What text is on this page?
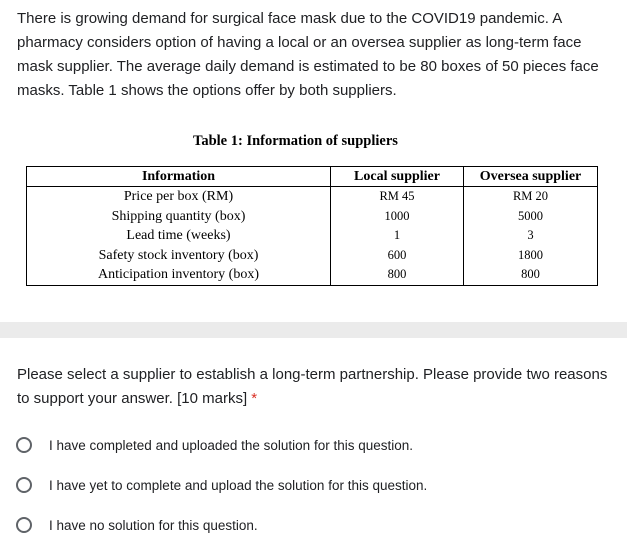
There is growing demand for surgical face mask due to the COVID19 pandemic. A pharmacy considers option of having a local or an oversea supplier as long-term face mask supplier. The average daily demand is estimated to be 80 boxes of 50 pieces face masks. Table 1 shows the options offer by both suppliers.

Table 1: Information of suppliers
Information	Local supplier	Oversea supplier
Price per box (RM)	RM 45	RM 20
Shipping quantity (box)	1000	5000
Lead time (weeks)	1	3
Safety stock inventory (box)	600	1800
Anticipation inventory (box)	800	800

Please select a supplier to establish a long-term partnership. Please provide two reasons to support your answer. [10 marks] *

I have completed and uploaded the solution for this question.
I have yet to complete and upload the solution for this question.
I have no solution for this question.
